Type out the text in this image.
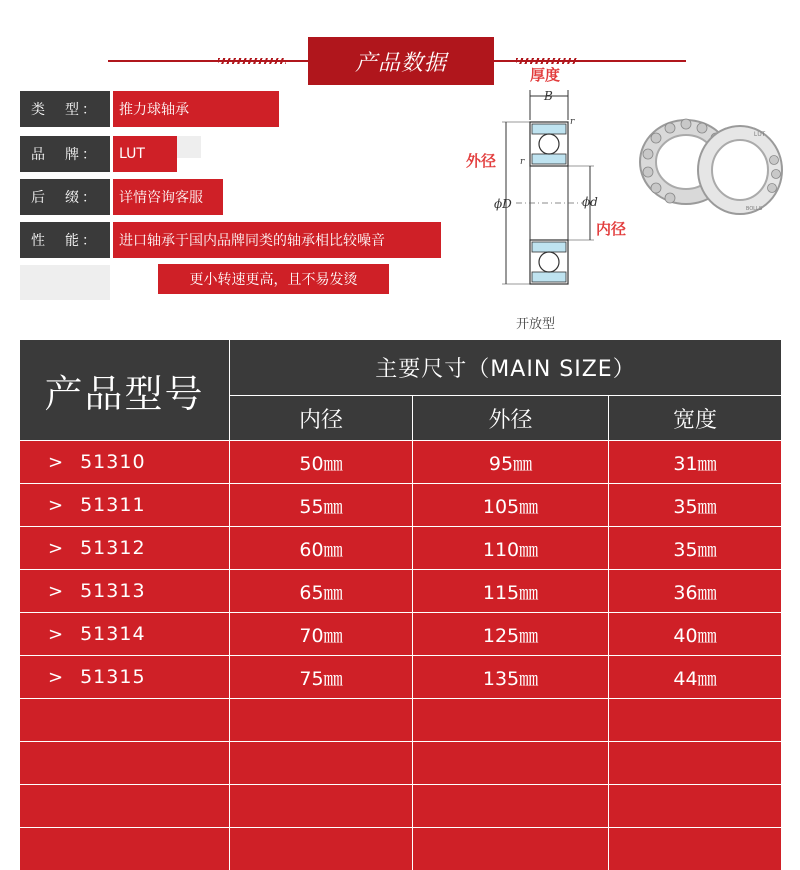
产品数据
类　型：	推力球轴承
品　牌：	LUT
后　缀：	详情咨询客服
性　能：	进口轴承于国内品牌同类的轴承相比较噪音
更小转速更高，且不易发烫
厚度
B
r
r
ϕD
外径
ϕd
内径
开放型
LUT
BOLLS
产品型号
主要尺寸（MAIN SIZE）
内径	外径	宽度
> 51310	50㎜	95㎜	31㎜
> 51311	55㎜	105㎜	35㎜
> 51312	60㎜	110㎜	35㎜
> 51313	65㎜	115㎜	36㎜
> 51314	70㎜	125㎜	40㎜
> 51315	75㎜	135㎜	44㎜
